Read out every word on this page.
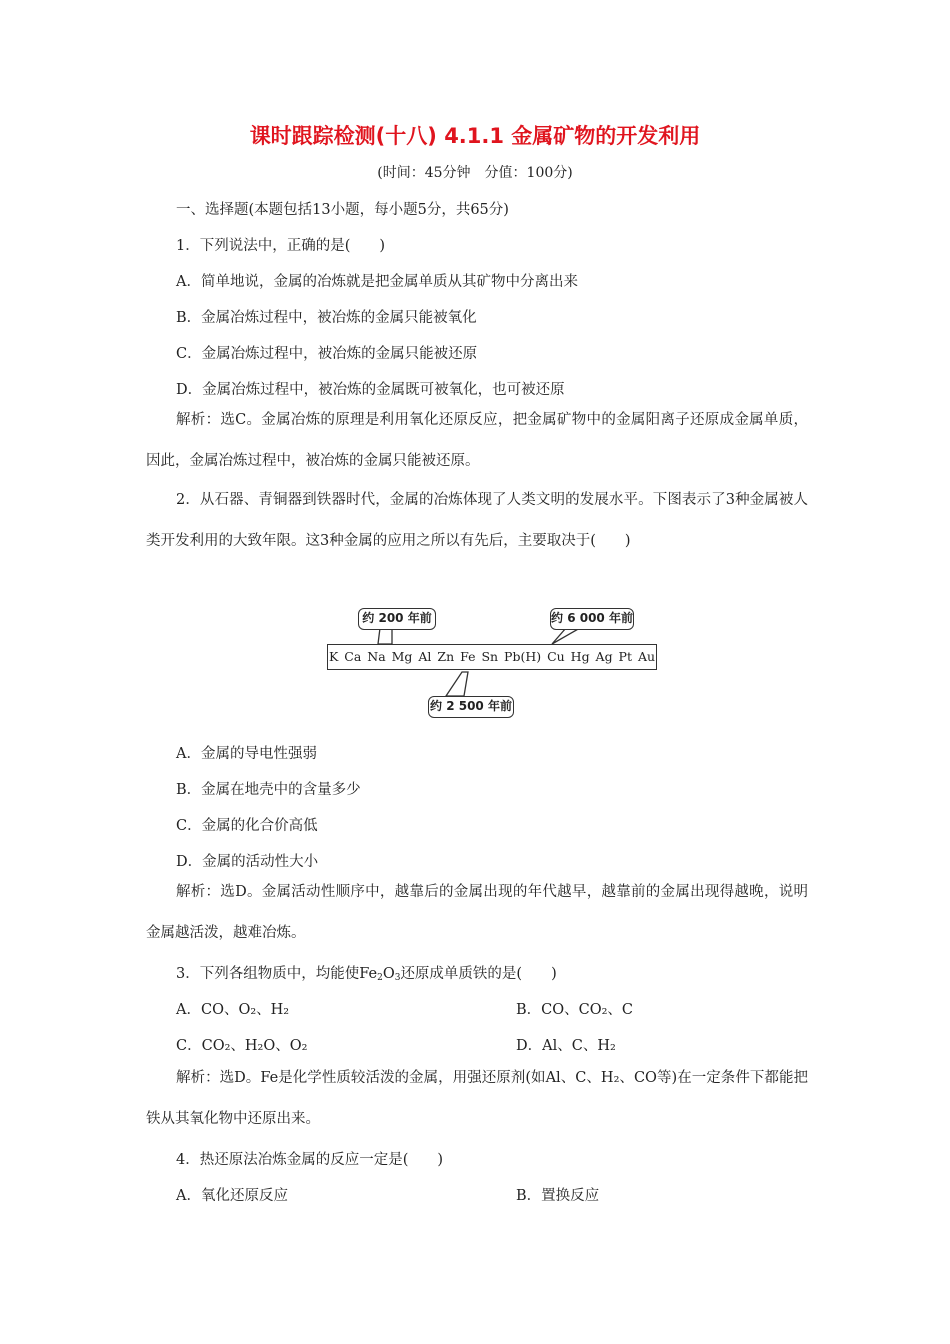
课时跟踪检测(十八) 4.1.1 金属矿物的开发利用
(时间：45分钟　分值：100分)
一、选择题(本题包括13小题，每小题5分，共65分)
1．下列说法中，正确的是(　　)
A．简单地说，金属的冶炼就是把金属单质从其矿物中分离出来
B．金属冶炼过程中，被冶炼的金属只能被氧化
C．金属冶炼过程中，被冶炼的金属只能被还原
D．金属冶炼过程中，被冶炼的金属既可被氧化，也可被还原
解析：选C。金属冶炼的原理是利用氧化还原反应，把金属矿物中的金属阳离子还原成金属单质，因此，金属冶炼过程中，被冶炼的金属只能被还原。
2．从石器、青铜器到铁器时代，金属的冶炼体现了人类文明的发展水平。下图表示了3种金属被人类开发利用的大致年限。这3种金属的应用之所以有先后，主要取决于(　　)
约 200 年前	约 6 000 年前
K Ca Na Mg Al Zn Fe Sn Pb(H) Cu Hg Ag Pt Au
约 2 500 年前
A．金属的导电性强弱
B．金属在地壳中的含量多少
C．金属的化合价高低
D．金属的活动性大小
解析：选D。金属活动性顺序中，越靠后的金属出现的年代越早，越靠前的金属出现得越晚，说明金属越活泼，越难冶炼。
3．下列各组物质中，均能使$Fe_2O_3$还原成单质铁的是(　　)
A．CO、O₂、H₂	B．CO、CO₂、C
C．CO₂、H₂O、O₂	D．Al、C、H₂
解析：选D。Fe是化学性质较活泼的金属，用强还原剂(如Al、C、H₂、CO等)在一定条件下都能把铁从其氧化物中还原出来。
4．热还原法冶炼金属的反应一定是(　　)
A．氧化还原反应	B．置换反应
